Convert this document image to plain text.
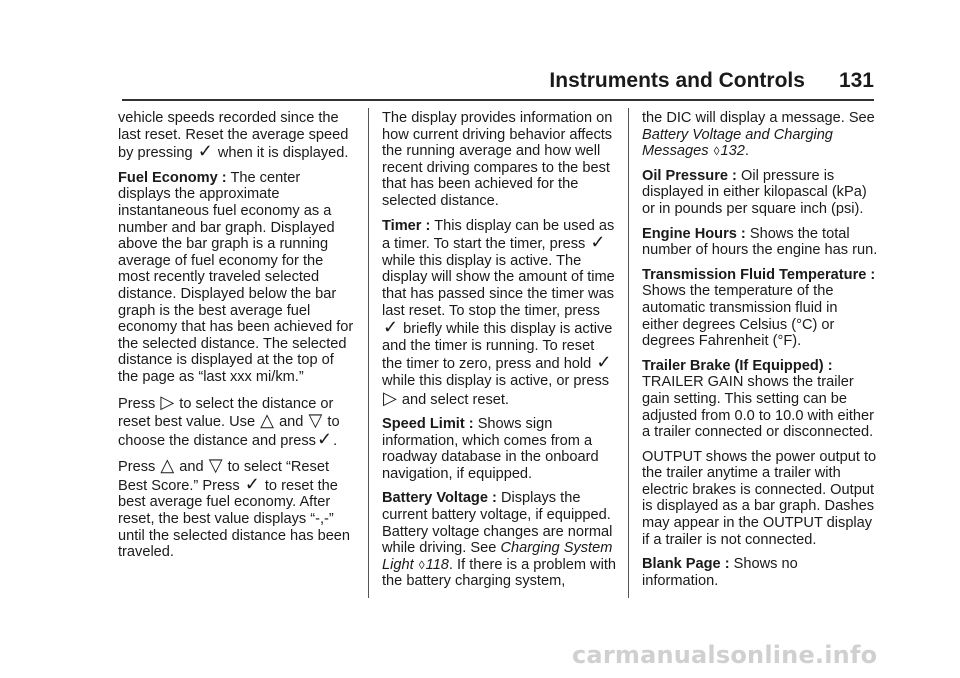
Instruments and Controls 131

vehicle speeds recorded since the last reset. Reset the average speed by pressing ✓ when it is displayed.

Fuel Economy : The center displays the approximate instantaneous fuel economy as a number and bar graph. Displayed above the bar graph is a running average of fuel economy for the most recently traveled selected distance. Displayed below the bar graph is the best average fuel economy that has been achieved for the selected distance. The selected distance is displayed at the top of the page as “last xxx mi/km.”

Press ▷ to select the distance or reset best value. Use △ and ▽ to choose the distance and press✓.

Press △ and ▽ to select “Reset Best Score.” Press ✓ to reset the best average fuel economy. After reset, the best value displays “-,-” until the selected distance has been traveled.

The display provides information on how current driving behavior affects the running average and how well recent driving compares to the best that has been achieved for the selected distance.

Timer : This display can be used as a timer. To start the timer, press ✓ while this display is active. The display will show the amount of time that has passed since the timer was last reset. To stop the timer, press ✓ briefly while this display is active and the timer is running. To reset the timer to zero, press and hold ✓ while this display is active, or press ▷ and select reset.

Speed Limit : Shows sign information, which comes from a roadway database in the onboard navigation, if equipped.

Battery Voltage : Displays the current battery voltage, if equipped. Battery voltage changes are normal while driving. See Charging System Light ◊118. If there is a problem with the battery charging system,

the DIC will display a message. See Battery Voltage and Charging Messages ◊132.

Oil Pressure : Oil pressure is displayed in either kilopascal (kPa) or in pounds per square inch (psi).

Engine Hours : Shows the total number of hours the engine has run.

Transmission Fluid Temperature : Shows the temperature of the automatic transmission fluid in either degrees Celsius (°C) or degrees Fahrenheit (°F).

Trailer Brake (If Equipped) : TRAILER GAIN shows the trailer gain setting. This setting can be adjusted from 0.0 to 10.0 with either a trailer connected or disconnected.

OUTPUT shows the power output to the trailer anytime a trailer with electric brakes is connected. Output is displayed as a bar graph. Dashes may appear in the OUTPUT display if a trailer is not connected.

Blank Page : Shows no information.

carmanualsonline.info
